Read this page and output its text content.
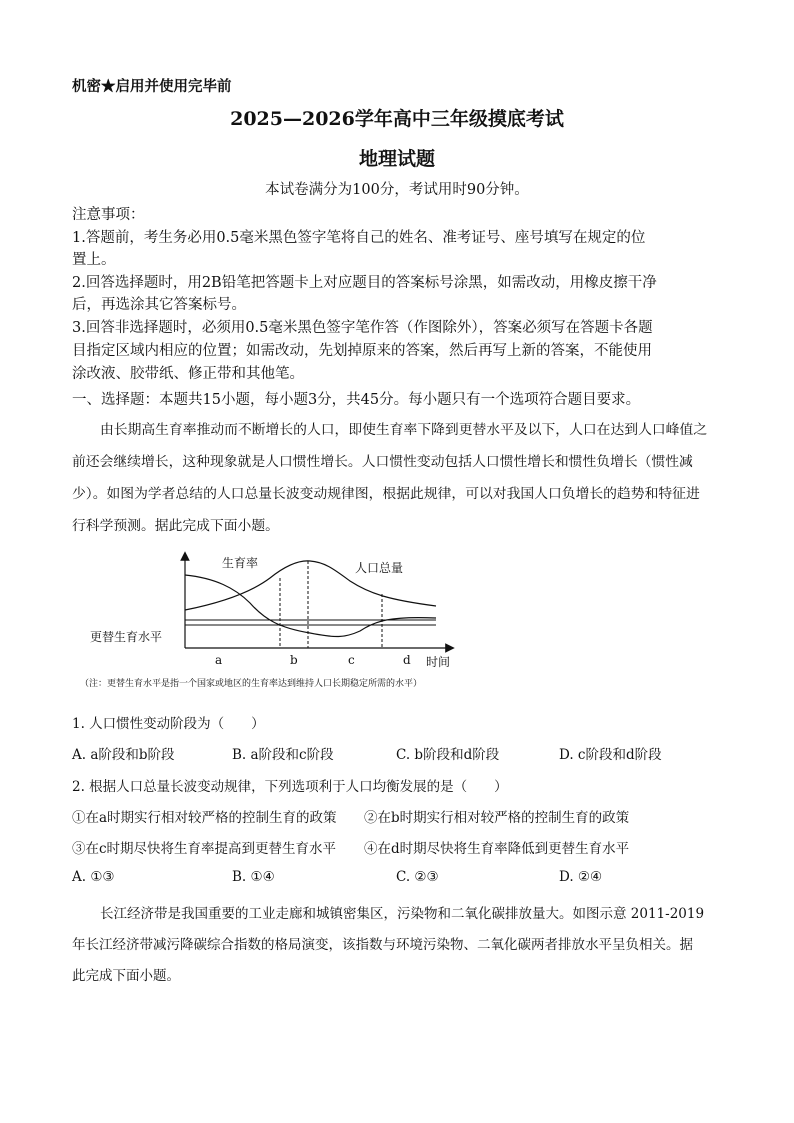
机密★启用并使用完毕前
2025—2026学年高中三年级摸底考试
地理试题
本试卷满分为100分，考试用时90分钟。
注意事项：
1.答题前，考生务必用0.5毫米黑色签字笔将自己的姓名、准考证号、座号填写在规定的位
置上。
2.回答选择题时，用2B铅笔把答题卡上对应题目的答案标号涂黑，如需改动，用橡皮擦干净
后，再选涂其它答案标号。
3.回答非选择题时，必须用0.5毫米黑色签字笔作答（作图除外），答案必须写在答题卡各题
目指定区域内相应的位置；如需改动，先划掉原来的答案，然后再写上新的答案，不能使用
涂改液、胶带纸、修正带和其他笔。
一、选择题：本题共15小题，每小题3分，共45分。每小题只有一个选项符合题目要求。
由长期高生育率推动而不断增长的人口，即使生育率下降到更替水平及以下，人口在达到人口峰值之
前还会继续增长，这种现象就是人口惯性增长。人口惯性变动包括人口惯性增长和惯性负增长（惯性减
少）。如图为学者总结的人口总量长波变动规律图，根据此规律，可以对我国人口负增长的趋势和特征进
行科学预测。据此完成下面小题。
生育率	人口总量
更替生育水平
a	b	c	d 时间
（注：更替生育水平是指一个国家或地区的生育率达到维持人口长期稳定所需的水平）
1. 人口惯性变动阶段为（　　）
A. a阶段和b阶段	B. a阶段和c阶段	C. b阶段和d阶段	D. c阶段和d阶段
2. 根据人口总量长波变动规律，下列选项利于人口均衡发展的是（　　）
①在a时期实行相对较严格的控制生育的政策 ②在b时期实行相对较严格的控制生育的政策
③在c时期尽快将生育率提高到更替生育水平 ④在d时期尽快将生育率降低到更替生育水平
A. ①③	B. ①④	C. ②③	D. ②④
长江经济带是我国重要的工业走廊和城镇密集区，污染物和二氧化碳排放量大。如图示意 2011-2019
年长江经济带减污降碳综合指数的格局演变，该指数与环境污染物、二氧化碳两者排放水平呈负相关。据
此完成下面小题。
